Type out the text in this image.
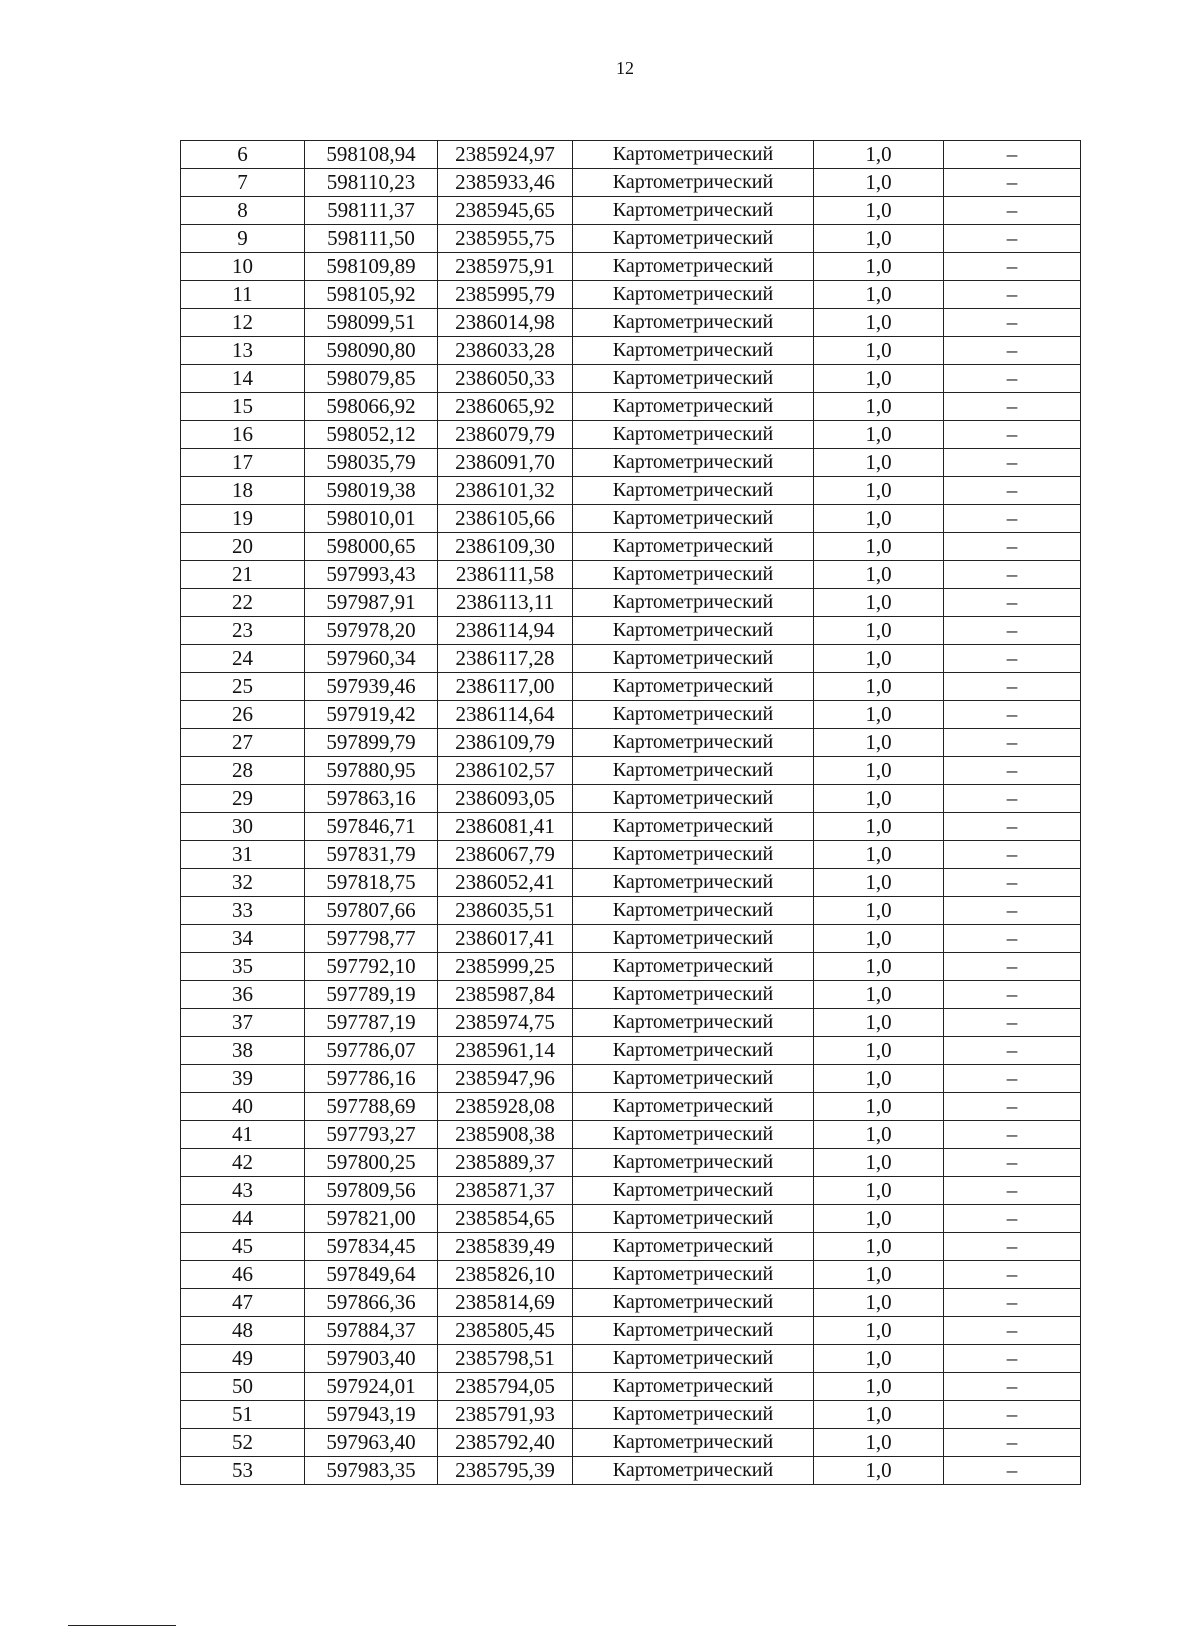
12
6	598108,94	2385924,97	Картометрический	1,0	–
7	598110,23	2385933,46	Картометрический	1,0	–
8	598111,37	2385945,65	Картометрический	1,0	–
9	598111,50	2385955,75	Картометрический	1,0	–
10	598109,89	2385975,91	Картометрический	1,0	–
11	598105,92	2385995,79	Картометрический	1,0	–
12	598099,51	2386014,98	Картометрический	1,0	–
13	598090,80	2386033,28	Картометрический	1,0	–
14	598079,85	2386050,33	Картометрический	1,0	–
15	598066,92	2386065,92	Картометрический	1,0	–
16	598052,12	2386079,79	Картометрический	1,0	–
17	598035,79	2386091,70	Картометрический	1,0	–
18	598019,38	2386101,32	Картометрический	1,0	–
19	598010,01	2386105,66	Картометрический	1,0	–
20	598000,65	2386109,30	Картометрический	1,0	–
21	597993,43	2386111,58	Картометрический	1,0	–
22	597987,91	2386113,11	Картометрический	1,0	–
23	597978,20	2386114,94	Картометрический	1,0	–
24	597960,34	2386117,28	Картометрический	1,0	–
25	597939,46	2386117,00	Картометрический	1,0	–
26	597919,42	2386114,64	Картометрический	1,0	–
27	597899,79	2386109,79	Картометрический	1,0	–
28	597880,95	2386102,57	Картометрический	1,0	–
29	597863,16	2386093,05	Картометрический	1,0	–
30	597846,71	2386081,41	Картометрический	1,0	–
31	597831,79	2386067,79	Картометрический	1,0	–
32	597818,75	2386052,41	Картометрический	1,0	–
33	597807,66	2386035,51	Картометрический	1,0	–
34	597798,77	2386017,41	Картометрический	1,0	–
35	597792,10	2385999,25	Картометрический	1,0	–
36	597789,19	2385987,84	Картометрический	1,0	–
37	597787,19	2385974,75	Картометрический	1,0	–
38	597786,07	2385961,14	Картометрический	1,0	–
39	597786,16	2385947,96	Картометрический	1,0	–
40	597788,69	2385928,08	Картометрический	1,0	–
41	597793,27	2385908,38	Картометрический	1,0	–
42	597800,25	2385889,37	Картометрический	1,0	–
43	597809,56	2385871,37	Картометрический	1,0	–
44	597821,00	2385854,65	Картометрический	1,0	–
45	597834,45	2385839,49	Картометрический	1,0	–
46	597849,64	2385826,10	Картометрический	1,0	–
47	597866,36	2385814,69	Картометрический	1,0	–
48	597884,37	2385805,45	Картометрический	1,0	–
49	597903,40	2385798,51	Картометрический	1,0	–
50	597924,01	2385794,05	Картометрический	1,0	–
51	597943,19	2385791,93	Картометрический	1,0	–
52	597963,40	2385792,40	Картометрический	1,0	–
53	597983,35	2385795,39	Картометрический	1,0	–
